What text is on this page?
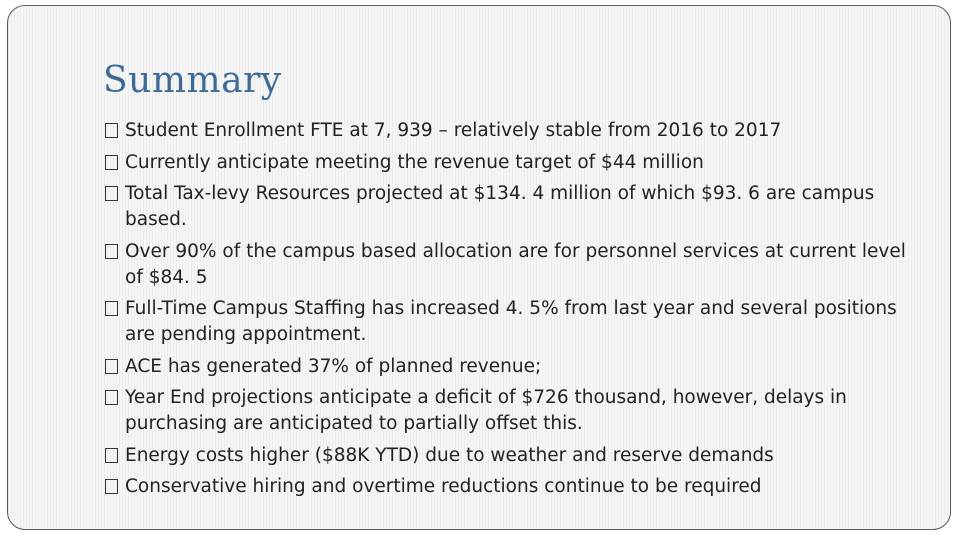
Summary
Student Enrollment FTE at 7, 939 – relatively stable from 2016 to 2017
Currently anticipate meeting the revenue target of $44 million
Total Tax-levy Resources projected at $134. 4 million of which $93. 6 are campus based.
Over 90% of the campus based allocation are for personnel services at current level of $84. 5
Full-Time Campus Staffing has increased 4. 5% from last year and several positions are pending appointment.
ACE has generated 37% of planned revenue;
Year End projections anticipate a deficit of $726 thousand, however, delays in purchasing are anticipated to partially offset this.
Energy costs higher ($88K YTD) due to weather and reserve demands
Conservative hiring and overtime reductions continue to be required
